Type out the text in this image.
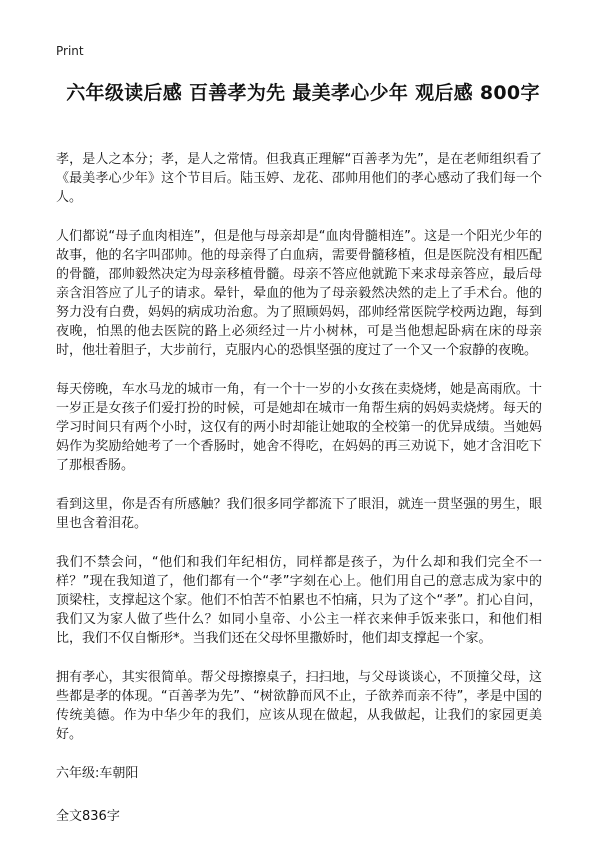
Print
六年级读后感 百善孝为先 最美孝心少年 观后感 800字

孝，是人之本分；孝，是人之常情。但我真正理解“百善孝为先”，是在老师组织看了《最美孝心少年》这个节目后。陆玉婷、龙花、邵帅用他们的孝心感动了我们每一个人。

人们都说“母子血肉相连”，但是他与母亲却是“血肉骨髓相连”。这是一个阳光少年的故事，他的名字叫邵帅。他的母亲得了白血病，需要骨髓移植，但是医院没有相匹配的骨髓，邵帅毅然决定为母亲移植骨髓。母亲不答应他就跪下来求母亲答应，最后母亲含泪答应了儿子的请求。晕针，晕血的他为了母亲毅然决然的走上了手术台。他的努力没有白费，妈妈的病成功治愈。为了照顾妈妈，邵帅经常医院学校两边跑，每到夜晚，怕黑的他去医院的路上必须经过一片小树林，可是当他想起卧病在床的母亲时，他壮着胆子，大步前行，克服内心的恐惧坚强的度过了一个又一个寂静的夜晚。

每天傍晚，车水马龙的城市一角，有一个十一岁的小女孩在卖烧烤，她是高雨欣。十一岁正是女孩子们爱打扮的时候，可是她却在城市一角帮生病的妈妈卖烧烤。每天的学习时间只有两个小时，这仅有的两小时却能让她取的全校第一的优异成绩。当她妈妈作为奖励给她考了一个香肠时，她舍不得吃，在妈妈的再三劝说下，她才含泪吃下了那根香肠。

看到这里，你是否有所感触？我们很多同学都流下了眼泪，就连一贯坚强的男生，眼里也含着泪花。

我们不禁会问，“他们和我们年纪相仿，同样都是孩子，为什么却和我们完全不一样？”现在我知道了，他们都有一个“孝”字刻在心上。他们用自己的意志成为家中的顶梁柱，支撑起这个家。他们不怕苦不怕累也不怕痛，只为了这个“孝”。扪心自问，我们又为家人做了些什么？如同小皇帝、小公主一样衣来伸手饭来张口，和他们相比，我们不仅自惭形*。当我们还在父母怀里撒娇时，他们却支撑起一个家。

拥有孝心，其实很简单。帮父母擦擦桌子，扫扫地，与父母谈谈心，不顶撞父母，这些都是孝的体现。“百善孝为先”、“树欲静而风不止，子欲养而亲不待”，孝是中国的传统美德。作为中华少年的我们，应该从现在做起，从我做起，让我们的家园更美好。

六年级:车朝阳

全文836字
